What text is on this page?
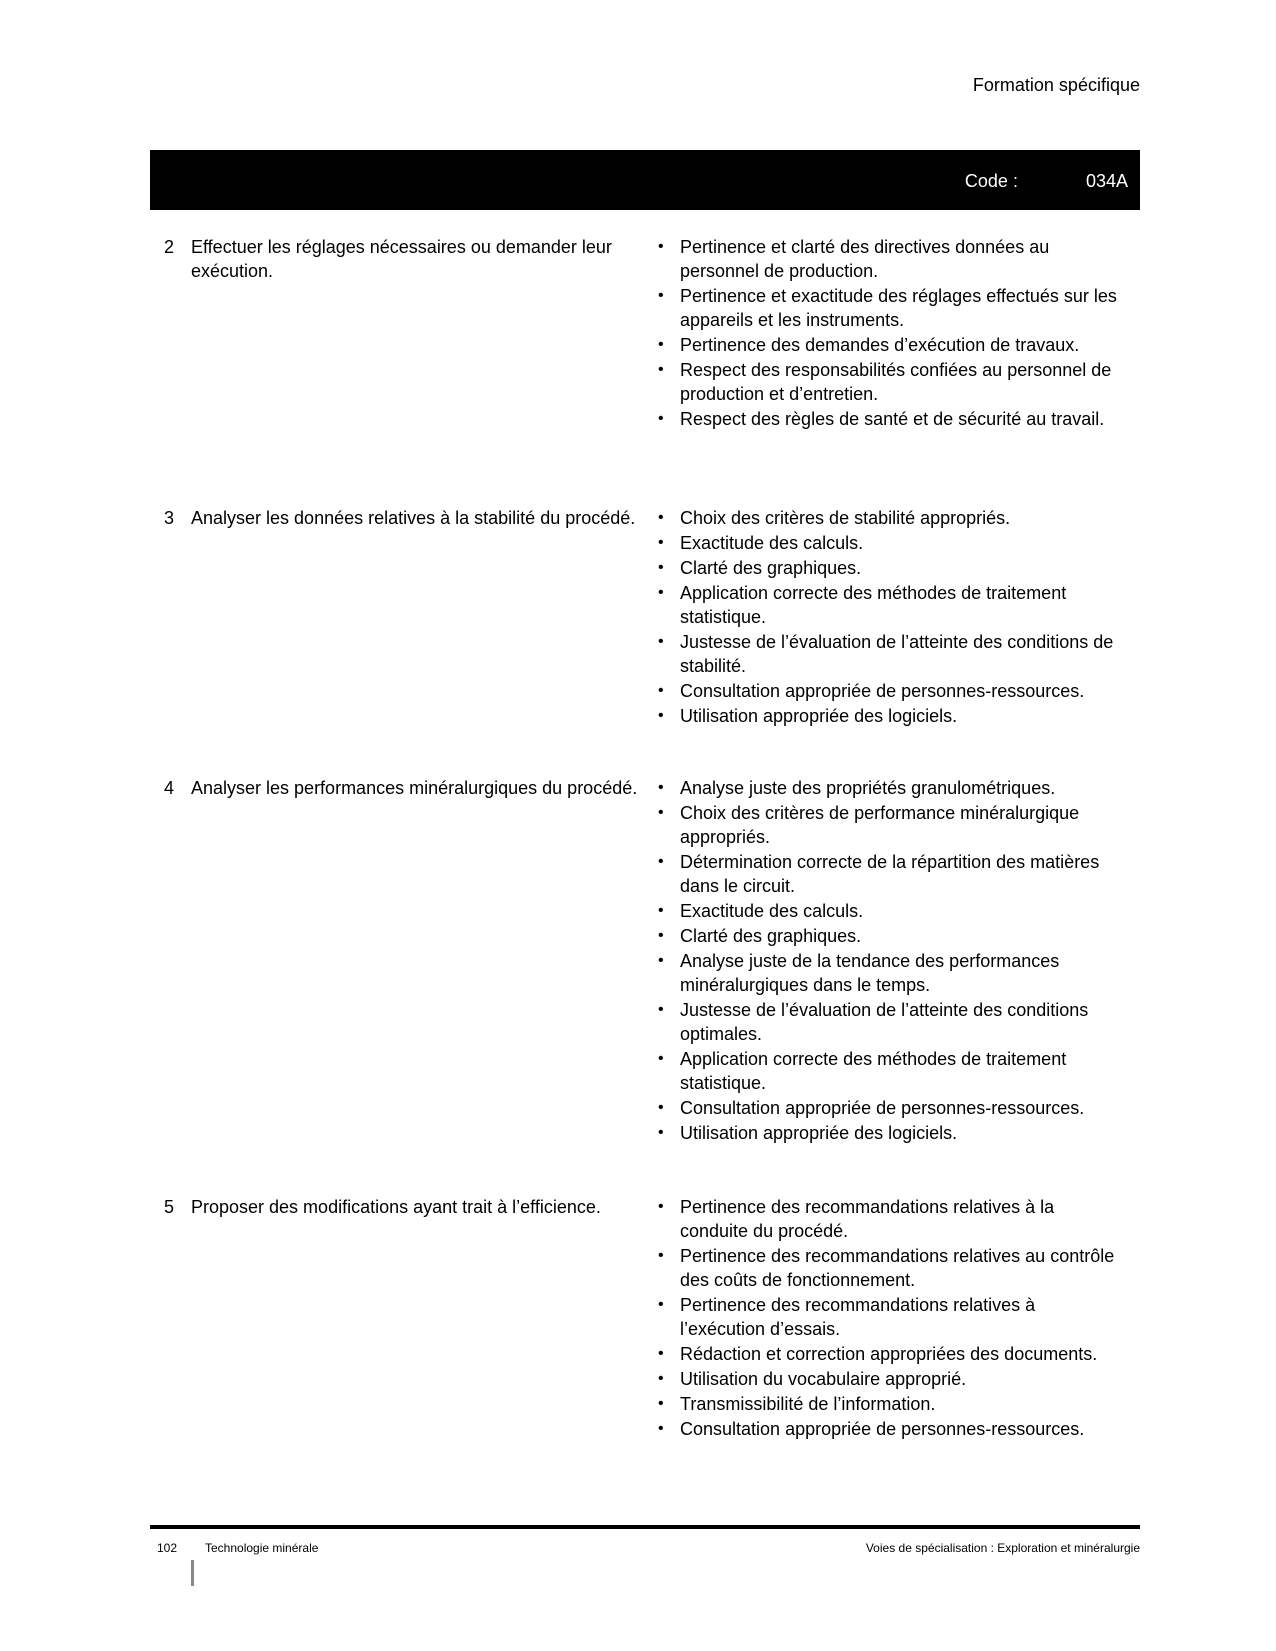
Formation spécifique
Code :	034A
2 Effectuer les réglages nécessaires ou demander leur exécution.
• Pertinence et clarté des directives données au personnel de production.
• Pertinence et exactitude des réglages effectués sur les appareils et les instruments.
• Pertinence des demandes d’exécution de travaux.
• Respect des responsabilités confiées au personnel de production et d’entretien.
• Respect des règles de santé et de sécurité au travail.
3 Analyser les données relatives à la stabilité du procédé.	• Choix des critères de stabilité appropriés.
• Exactitude des calculs.
• Clarté des graphiques.
• Application correcte des méthodes de traitement statistique.
• Justesse de l’évaluation de l’atteinte des conditions de stabilité.
• Consultation appropriée de personnes-ressources.
• Utilisation appropriée des logiciels.
4 Analyser les performances minéralurgiques du procédé.	• Analyse juste des propriétés granulométriques.
• Choix des critères de performance minéralurgique appropriés.
• Détermination correcte de la répartition des matières dans le circuit.
• Exactitude des calculs.
• Clarté des graphiques.
• Analyse juste de la tendance des performances minéralurgiques dans le temps.
• Justesse de l’évaluation de l’atteinte des conditions optimales.
• Application correcte des méthodes de traitement statistique.
• Consultation appropriée de personnes-ressources.
• Utilisation appropriée des logiciels.
5 Proposer des modifications ayant trait à l’efficience.	• Pertinence des recommandations relatives à la conduite du procédé.
• Pertinence des recommandations relatives au contrôle des coûts de fonctionnement.
• Pertinence des recommandations relatives à l’exécution d’essais.
• Rédaction et correction appropriées des documents.
• Utilisation du vocabulaire approprié.
• Transmissibilité de l’information.
• Consultation appropriée de personnes-ressources.
102 Technologie minérale	Voies de spécialisation : Exploration et minéralurgie
